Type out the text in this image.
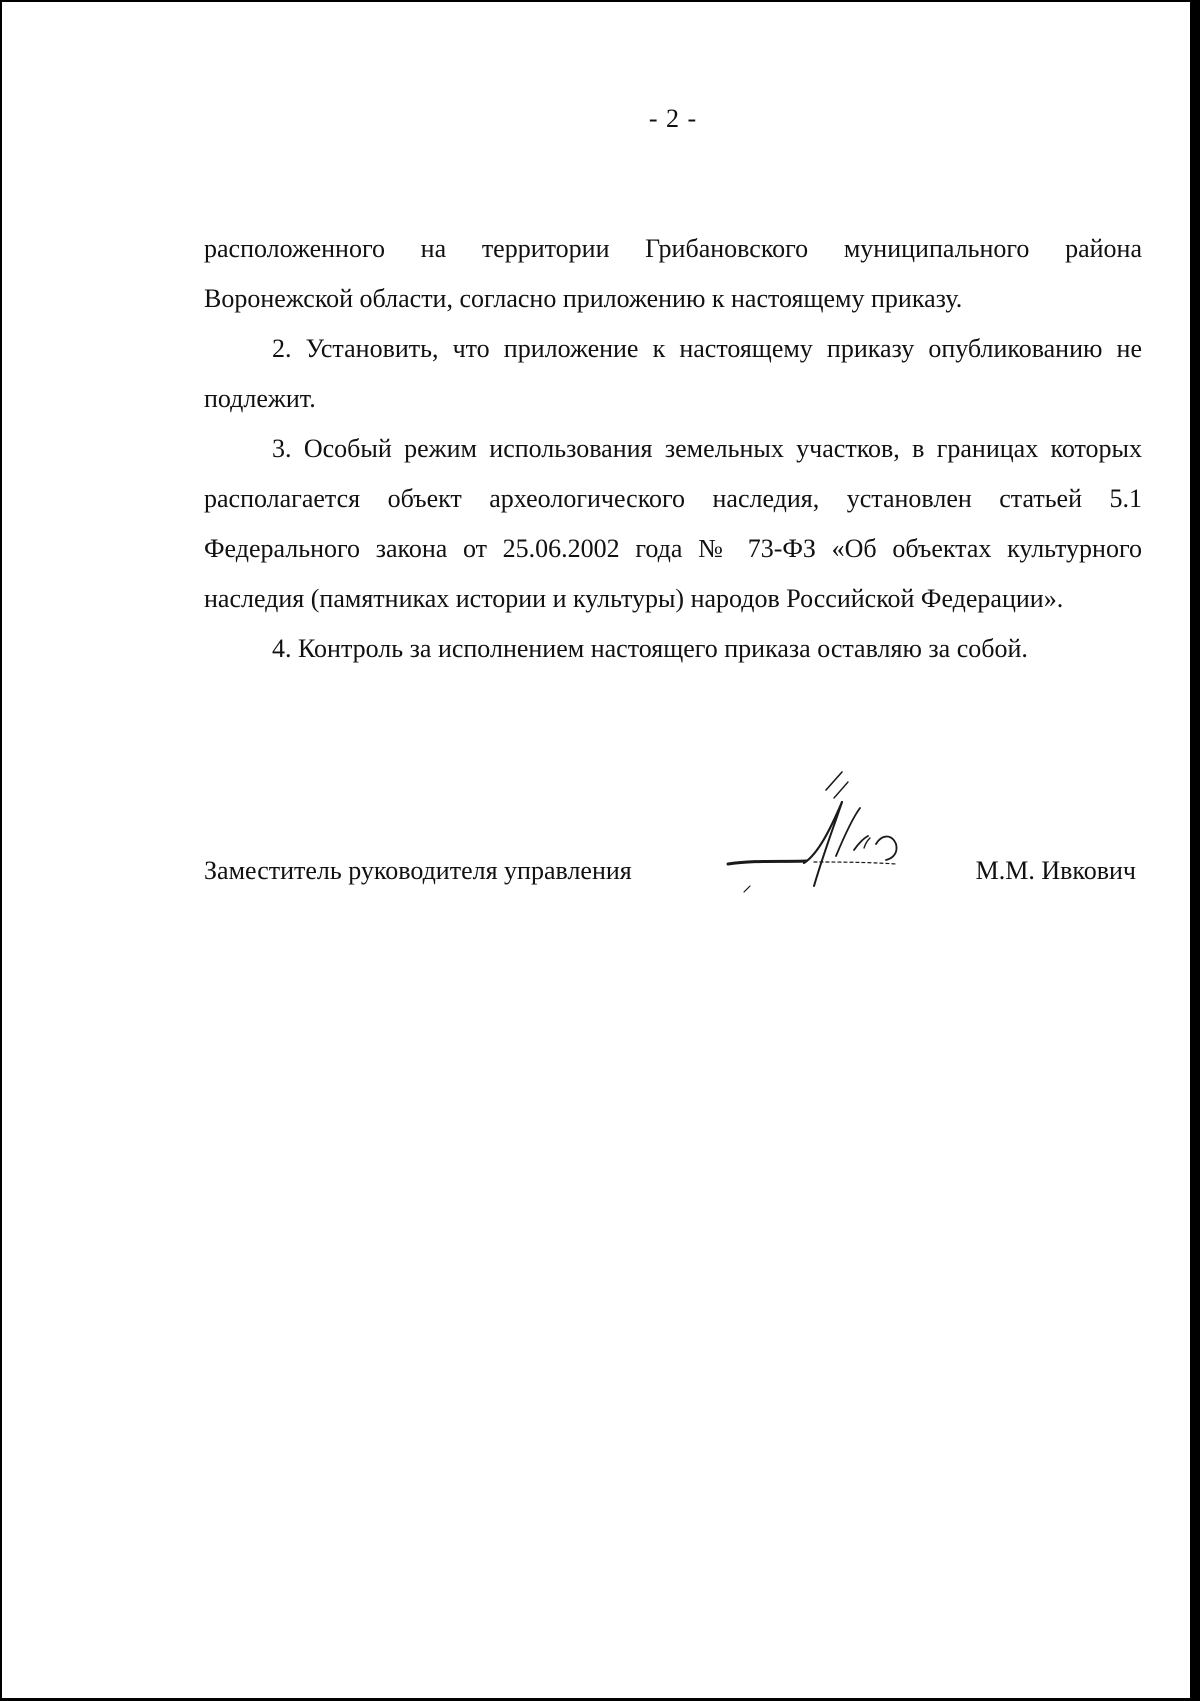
- 2 -

расположенного на территории Грибановского муниципального района Воронежской области, согласно приложению к настоящему приказу.

2. Установить, что приложение к настоящему приказу опубликованию не подлежит.

3. Особый режим использования земельных участков, в границах которых располагается объект археологического наследия, установлен статьей 5.1 Федерального закона от 25.06.2002 года № 73-ФЗ «Об объектах культурного наследия (памятниках истории и культуры) народов Российской Федерации».

4. Контроль за исполнением настоящего приказа оставляю за собой.

Заместитель руководителя управления	М.М. Ивкович
